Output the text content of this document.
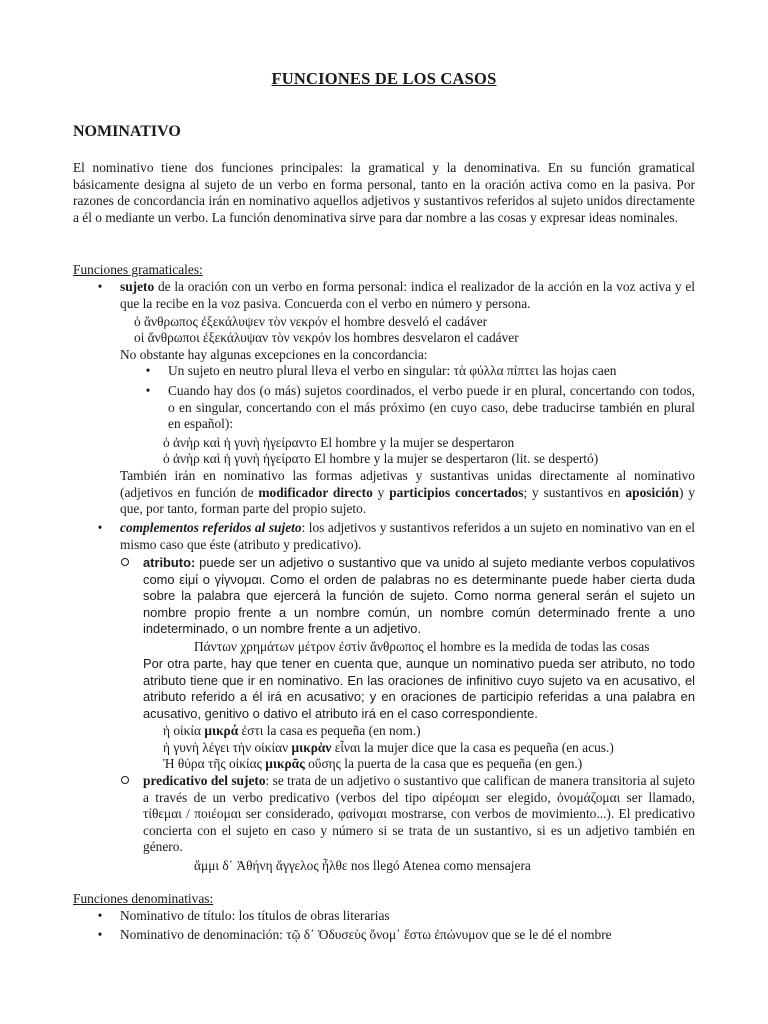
FUNCIONES DE LOS CASOS
NOMINATIVO

El nominativo tiene dos funciones principales: la gramatical y la denominativa. En su función gramatical básicamente designa al sujeto de un verbo en forma personal, tanto en la oración activa como en la pasiva. Por razones de concordancia irán en nominativo aquellos adjetivos y sustantivos referidos al sujeto unidos directamente a él o mediante un verbo. La función denominativa sirve para dar nombre a las cosas y expresar ideas nominales.

Funciones gramaticales:
• sujeto de la oración con un verbo en forma personal: indica el realizador de la acción en la voz activa y el que la recibe en la voz pasiva. Concuerda con el verbo en número y persona.

ὁ ἄνθρωπος ἐξεκάλυψεν τὸν νεκρόν el hombre desveló el cadáver
οἱ ἄνθρωποι ἐξεκάλυψαν τὸν νεκρόν los hombres desvelaron el cadáver
No obstante hay algunas excepciones en la concordancia:
• Un sujeto en neutro plural lleva el verbo en singular: τὰ φύλλα πίπτει las hojas caen
• Cuando hay dos (o más) sujetos coordinados, el verbo puede ir en plural, concertando con todos, o en singular, concertando con el más próximo (en cuyo caso, debe traducirse también en plural en español):

ὁ ἀνὴρ καὶ ἡ γυνὴ ἠγείραντο El hombre y la mujer se despertaron
ὁ ἀνὴρ καὶ ἡ γυνὴ ἠγείρατο El hombre y la mujer se despertaron (lit. se despertó)

También irán en nominativo las formas adjetivas y sustantivas unidas directamente al nominativo (adjetivos en función de modificador directo y participios concertados; y sustantivos en aposición) y que, por tanto, forman parte del propio sujeto.

• complementos referidos al sujeto: los adjetivos y sustantivos referidos a un sujeto en nominativo van en el mismo caso que éste (atributo y predicativo).

atributo: puede ser un adjetivo o sustantivo que va unido al sujeto mediante verbos copulativos como εἰμί o γίγνομαι. Como el orden de palabras no es determinante puede haber cierta duda sobre la palabra que ejercerá la función de sujeto. Como norma general serán el sujeto un nombre propio frente a un nombre común, un nombre común determinado frente a uno indeterminado, o un nombre frente a un adjetivo.

Πάντων χρημάτων μέτρον ἐστὶν ἄνθρωπος el hombre es la medida de todas las cosas

Por otra parte, hay que tener en cuenta que, aunque un nominativo pueda ser atributo, no todo atributo tiene que ir en nominativo. En las oraciones de infinitivo cuyo sujeto va en acusativo, el atributo referido a él irá en acusativo; y en oraciones de participio referidas a una palabra en acusativo, genitivo o dativo el atributo irá en el caso correspondiente.

ἡ οἰκία μικρά ἐστι la casa es pequeña (en nom.)
ἡ γυνὴ λέγει τὴν οἰκίαν μικρὰν εἶναι la mujer dice que la casa es pequeña (en acus.)
Ἡ θύρα τῆς οἰκίας μικρᾶς οὔσης la puerta de la casa que es pequeña (en gen.)

predicativo del sujeto: se trata de un adjetivo o sustantivo que califican de manera transitoria al sujeto a través de un verbo predicativo (verbos del tipo αἱρέομαι ser elegido, ὀνομάζομαι ser llamado, τίθεμαι / ποιέομαι ser considerado, φαίνομαι mostrarse, con verbos de movimiento...). El predicativo concierta con el sujeto en caso y número si se trata de un sustantivo, si es un adjetivo también en género.

ἄμμι δ᾽ Ἀθήνη ἄγγελος ἦλθε nos llegó Atenea como mensajera
Funciones denominativas:
• Nominativo de título: los títulos de obras literarias
• Nominativo de denominación: τῷ δ᾽ Ὀδυσεὺς ὄνομ᾽ ἔστω ἐπώνυμον que se le dé el nombre
